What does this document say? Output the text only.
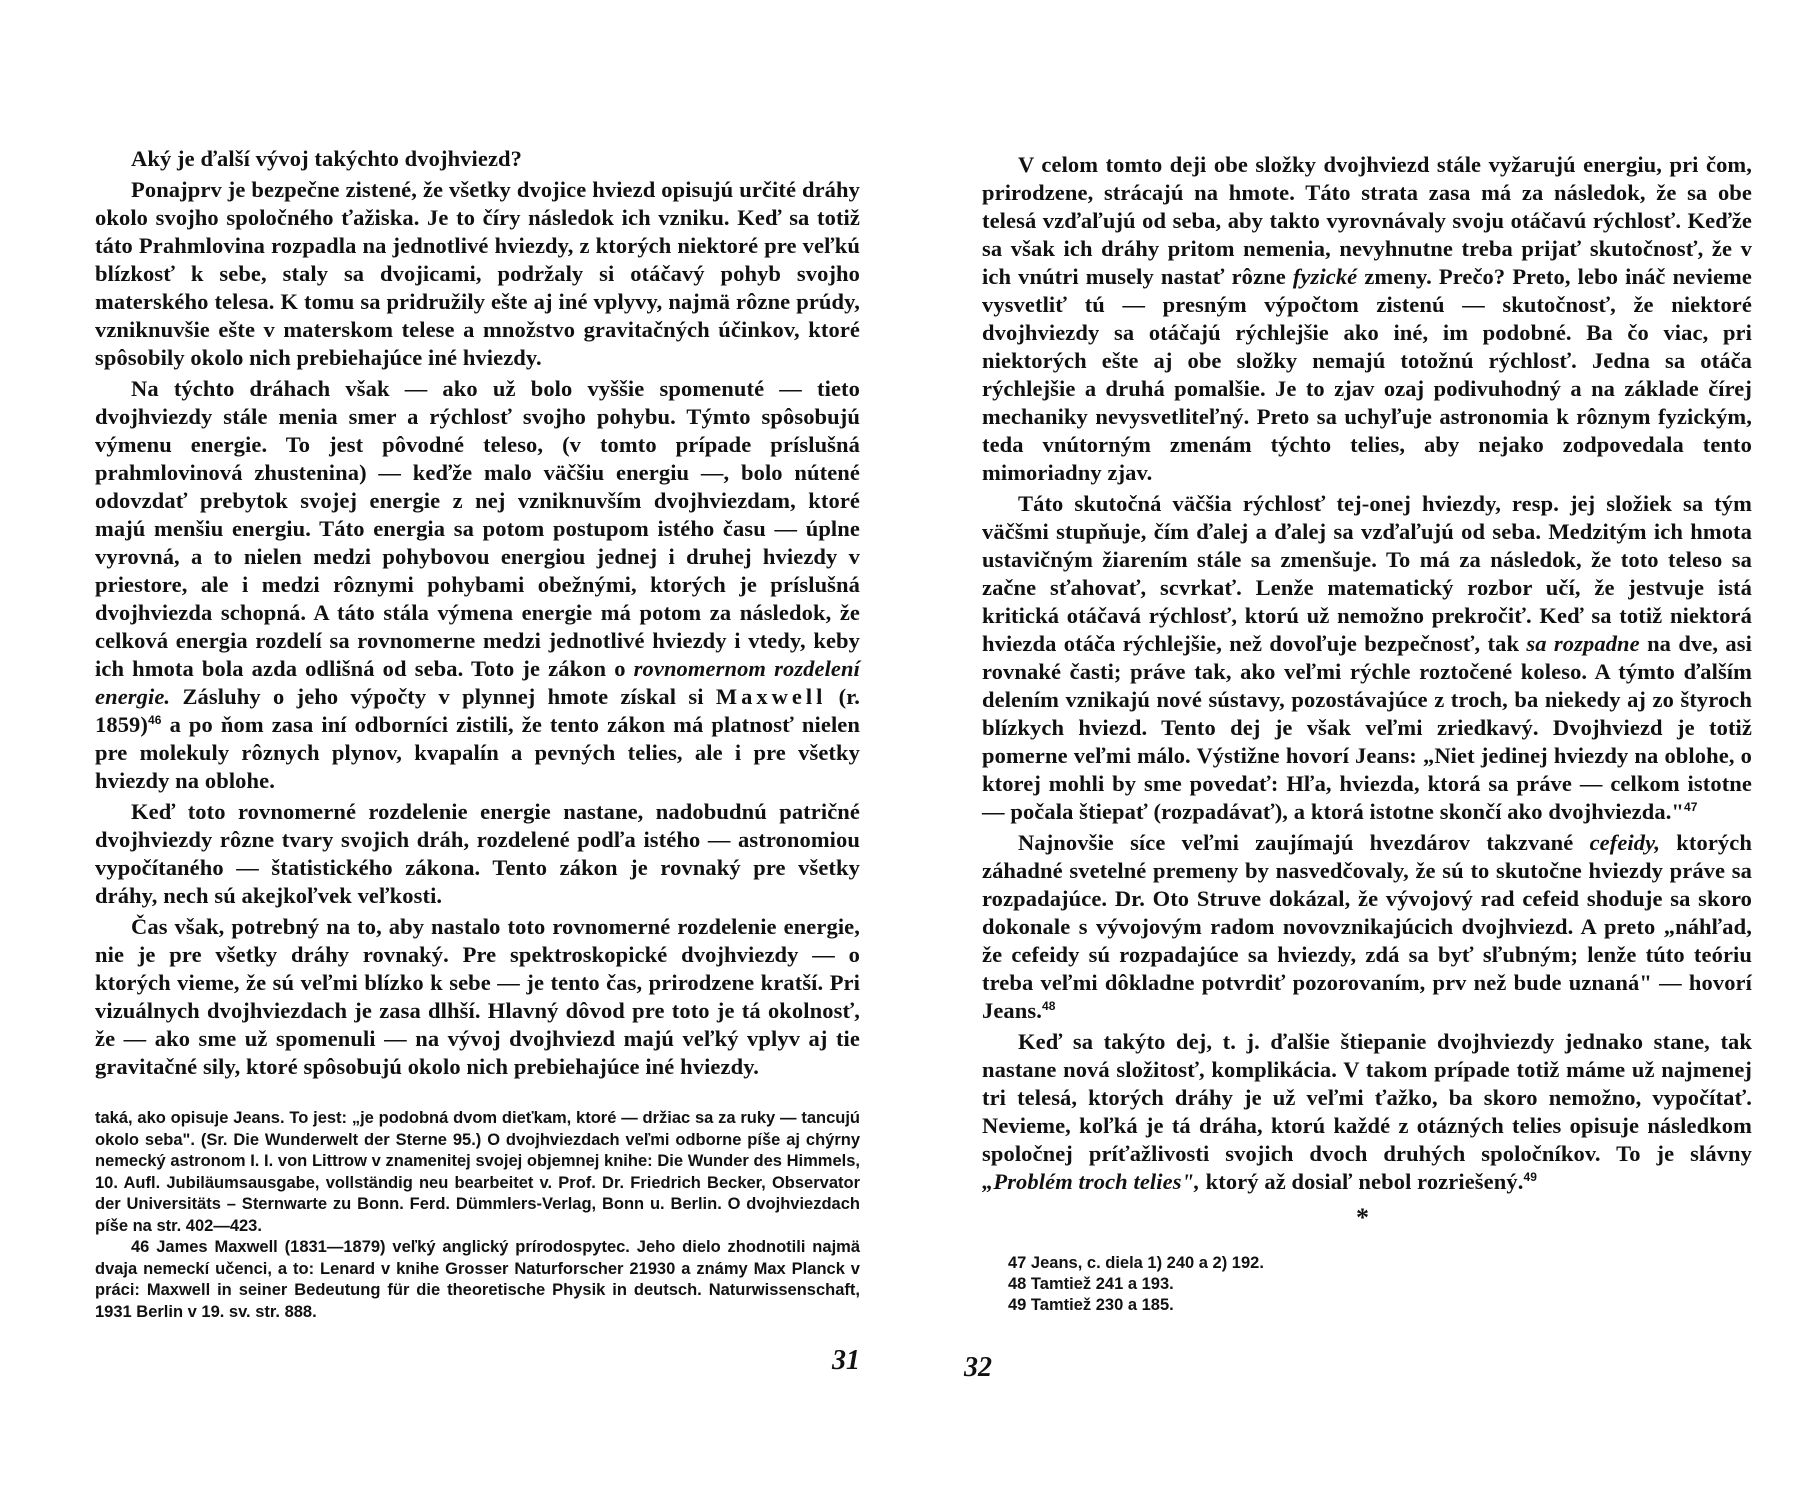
Aký je ďalší vývoj takýchto dvojhviezd?

Ponajprv je bezpečne zistené, že všetky dvojice hviezd opisujú určité dráhy okolo svojho spoločného ťažiska. Je to číry následok ich vzniku. Keď sa totiž táto Prahmlovina rozpadla na jednotlivé hviezdy, z ktorých niektoré pre veľkú blízkosť k sebe, staly sa dvojicami, podržaly si otáčavý pohyb svojho materského telesa. K tomu sa pridružily ešte aj iné vplyvy, najmä rôzne prúdy, vzniknuvšie ešte v materskom telese a množstvo gravitačných účinkov, ktoré spôsobily okolo nich prebiehajúce iné hviezdy.

Na týchto dráhach však — ako už bolo vyššie spomenuté — tieto dvojhviezdy stále menia smer a rýchlosť svojho pohybu. Týmto spôsobujú výmenu energie. To jest pôvodné teleso, (v tomto prípade príslušná prahmlovinová zhustenina) — keďže malo väčšiu energiu —, bolo nútené odovzdať prebytok svojej energie z nej vzniknuvším dvojhviezdam, ktoré majú menšiu energiu. Táto energia sa potom postupom istého času — úplne vyrovná, a to nielen medzi pohybovou energiou jednej i druhej hviezdy v priestore, ale i medzi rôznymi pohybami obežnými, ktorých je príslušná dvojhviezda schopná. A táto stála výmena energie má potom za následok, že celková energia rozdelí sa rovnomerne medzi jednotlivé hviezdy i vtedy, keby ich hmota bola azda odlišná od seba. Toto je zákon o rovnomernom rozdelení energie. Zásluhy o jeho výpočty v plynnej hmote získal si Maxwell (r. 1859)$^{46}$ a po ňom zasa iní odborníci zistili, že tento zákon má platnosť nielen pre molekuly rôznych plynov, kvapalín a pevných telies, ale i pre všetky hviezdy na oblohe.

Keď toto rovnomerné rozdelenie energie nastane, nadobudnú patričné dvojhviezdy rôzne tvary svojich dráh, rozdelené podľa istého — astronomiou vypočítaného — štatistického zákona. Tento zákon je rovnaký pre všetky dráhy, nech sú akejkoľvek veľkosti.

Čas však, potrebný na to, aby nastalo toto rovnomerné rozdelenie energie, nie je pre všetky dráhy rovnaký. Pre spektroskopické dvojhviezdy — o ktorých vieme, že sú veľmi blízko k sebe — je tento čas, prirodzene kratší. Pri vizuálnych dvojhviezdach je zasa dlhší. Hlavný dôvod pre toto je tá okolnosť, že — ako sme už spomenuli — na vývoj dvojhviezd majú veľký vplyv aj tie gravitačné sily, ktoré spôsobujú okolo nich prebiehajúce iné hviezdy.

taká, ako opisuje Jeans. To jest: „je podobná dvom dieťkam, ktoré — držiac sa za ruky — tancujú okolo seba". (Sr. Die Wunderwelt der Sterne 95.) O dvojhviezdach veľmi odborne píše aj chýrny nemecký astronom I. I. von Littrow v znamenitej svojej objemnej knihe: Die Wunder des Himmels, 10. Aufl. Jubiläumsausgabe, vollständig neu bearbeitet v. Prof. Dr. Friedrich Becker, Observator der Universitäts – Sternwarte zu Bonn. Ferd. Dümmlers-Verlag, Bonn u. Berlin. O dvojhviezdach píše na str. 402—423.

46 James Maxwell (1831—1879) veľký anglický prírodospytec. Jeho dielo zhodnotili najmä dvaja nemeckí učenci, a to: Lenard v knihe Grosser Naturforscher 21930 a známy Max Planck v práci: Maxwell in seiner Bedeutung für die theoretische Physik in deutsch. Naturwissenschaft, 1931 Berlin v 19. sv. str. 888.

31

V celom tomto deji obe složky dvojhviezd stále vyžarujú energiu, pri čom, prirodzene, strácajú na hmote. Táto strata zasa má za následok, že sa obe telesá vzďaľujú od seba, aby takto vyrovnávaly svoju otáčavú rýchlosť. Keďže sa však ich dráhy pritom nemenia, nevyhnutne treba prijať skutočnosť, že v ich vnútri musely nastať rôzne fyzické zmeny. Prečo? Preto, lebo ináč nevieme vysvetliť tú — presným výpočtom zistenú — skutočnosť, že niektoré dvojhviezdy sa otáčajú rýchlejšie ako iné, im podobné. Ba čo viac, pri niektorých ešte aj obe složky nemajú totožnú rýchlosť. Jedna sa otáča rýchlejšie a druhá pomalšie. Je to zjav ozaj podivuhodný a na základe čírej mechaniky nevysvetliteľný. Preto sa uchyľuje astronomia k rôznym fyzickým, teda vnútorným zmenám týchto telies, aby nejako zodpovedala tento mimoriadny zjav.

Táto skutočná väčšia rýchlosť tej-onej hviezdy, resp. jej složiek sa tým väčšmi stupňuje, čím ďalej a ďalej sa vzďaľujú od seba. Medzitým ich hmota ustavičným žiarením stále sa zmenšuje. To má za následok, že toto teleso sa začne sťahovať, scvrkať. Lenže matematický rozbor učí, že jestvuje istá kritická otáčavá rýchlosť, ktorú už nemožno prekročiť. Keď sa totiž niektorá hviezda otáča rýchlejšie, než dovoľuje bezpečnosť, tak sa rozpadne na dve, asi rovnaké časti; práve tak, ako veľmi rýchle roztočené koleso. A týmto ďalším delením vznikajú nové sústavy, pozostávajúce z troch, ba niekedy aj zo štyroch blízkych hviezd. Tento dej je však veľmi zriedkavý. Dvojhviezd je totiž pomerne veľmi málo. Výstižne hovorí Jeans: „Niet jedinej hviezdy na oblohe, o ktorej mohli by sme povedať: Hľa, hviezda, ktorá sa práve — celkom istotne — počala štiepať (rozpadávať), a ktorá istotne skončí ako dvojhviezda."$^{47}$

Najnovšie síce veľmi zaujímajú hvezdárov takzvané cefeidy, ktorých záhadné svetelné premeny by nasvedčovaly, že sú to skutočne hviezdy práve sa rozpadajúce. Dr. Oto Struve dokázal, že vývojový rad cefeid shoduje sa skoro dokonale s vývojovým radom novovznikajúcich dvojhviezd. A preto „náhľad, že cefeidy sú rozpadajúce sa hviezdy, zdá sa byť sľubným; lenže túto teóriu treba veľmi dôkladne potvrdiť pozorovaním, prv než bude uznaná" — hovorí Jeans.$^{48}$

Keď sa takýto dej, t. j. ďalšie štiepanie dvojhviezdy jednako stane, tak nastane nová složitosť, komplikácia. V takom prípade totiž máme už najmenej tri telesá, ktorých dráhy je už veľmi ťažko, ba skoro nemožno, vypočítať. Nevieme, koľká je tá dráha, ktorú každé z otázných telies opisuje následkom spoločnej príťažlivosti svojich dvoch druhých spoločníkov. To je slávny „Problém troch telies", ktorý až dosiaľ nebol rozriešený.$^{49}$

*

47 Jeans, c. diela 1) 240 a 2) 192.

48 Tamtiež 241 a 193.

49 Tamtiež 230 a 185.

32
